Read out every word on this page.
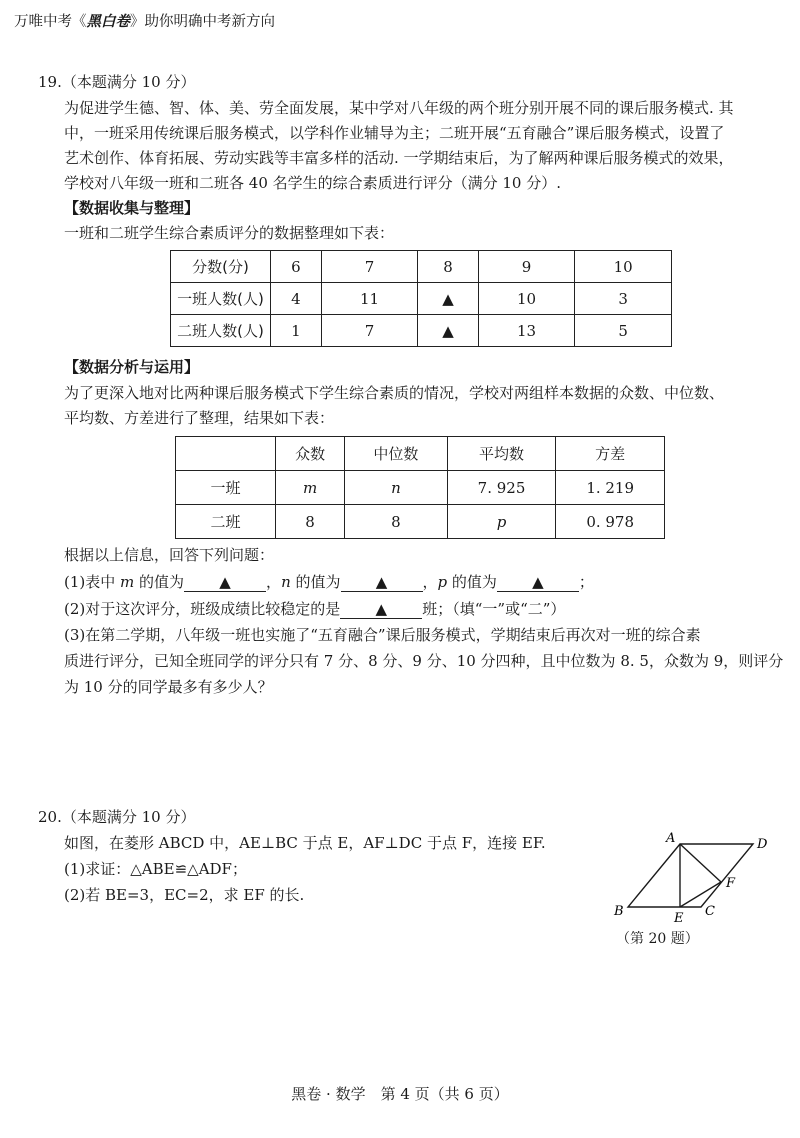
万唯中考《黑白卷》助你明确中考新方向
19.（本题满分 10 分）
为促进学生德、智、体、美、劳全面发展，某中学对八年级的两个班分别开展不同的课后服务模式. 其
中，一班采用传统课后服务模式，以学科作业辅导为主；二班开展“五育融合”课后服务模式，设置了
艺术创作、体育拓展、劳动实践等丰富多样的活动. 一学期结束后，为了解两种课后服务模式的效果，
学校对八年级一班和二班各 40 名学生的综合素质进行评分（满分 10 分）.
【数据收集与整理】
一班和二班学生综合素质评分的数据整理如下表：
分数(分)	6	7	8	9	10
一班人数(人)	4	11	▲	10	3
二班人数(人)	1	7	▲	13	5
【数据分析与运用】
为了更深入地对比两种课后服务模式下学生综合素质的情况，学校对两组样本数据的众数、中位数、
平均数、方差进行了整理，结果如下表：
	众数	中位数	平均数	方差
一班	m	n	7. 925	1. 219
二班	8	8	p	0. 978
根据以上信息，回答下列问题：
(1)表中 m 的值为 ▲ ，n 的值为 ▲ ，p 的值为 ▲ ；
(2)对于这次评分，班级成绩比较稳定的是 ▲ 班；（填“一”或“二”）
(3)在第二学期，八年级一班也实施了“五育融合”课后服务模式，学期结束后再次对一班的综合素
质进行评分，已知全班同学的评分只有 7 分、8 分、9 分、10 分四种，且中位数为 8. 5，众数为 9，则评分
为 10 分的同学最多有多少人？
20.（本题满分 10 分）
如图，在菱形 ABCD 中，AE⊥BC 于点 E，AF⊥DC 于点 F，连接 EF.
(1)求证：△ABE≌△ADF；
(2)若 BE=3，EC=2，求 EF 的长.
A	D
B	E C
F
（第 20 题）
黑卷 · 数学　第 4 页（共 6 页）
